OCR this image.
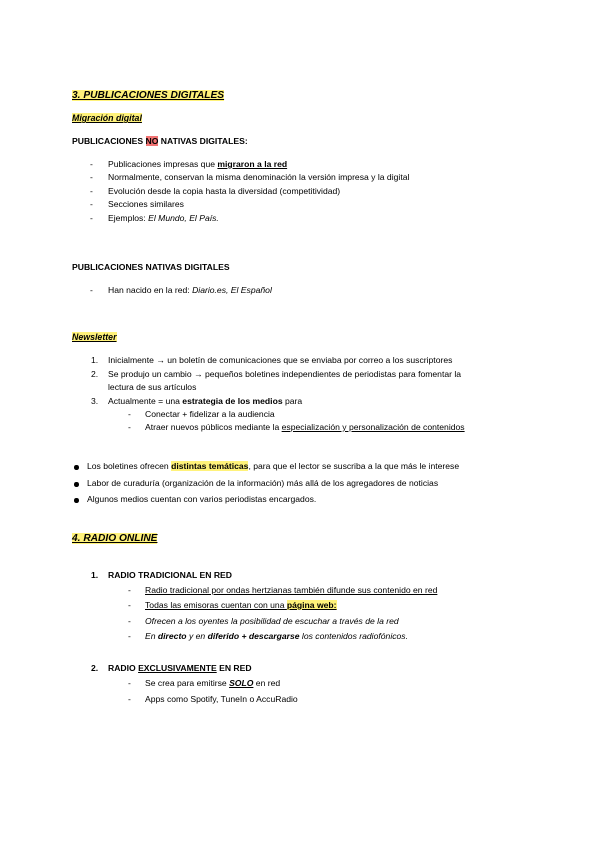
3. PUBLICACIONES DIGITALES
Migración digital
PUBLICACIONES NO NATIVAS DIGITALES:
- Publicaciones impresas que migraron a la red
- Normalmente, conservan la misma denominación la versión impresa y la digital
- Evolución desde la copia hasta la diversidad (competitividad)
- Secciones similares
- Ejemplos: El Mundo, El País.
PUBLICACIONES NATIVAS DIGITALES
- Han nacido en la red: Diario.es, El Español
Newsletter
1. Inicialmente → un boletín de comunicaciones que se enviaba por correo a los suscriptores
2. Se produjo un cambio → pequeños boletines independientes de periodistas para fomentar la
lectura de sus artículos
3. Actualmente = una estrategia de los medios para
- Conectar + fidelizar a la audiencia
- Atraer nuevos públicos mediante la especialización y personalización de contenidos
Los boletines ofrecen distintas temáticas, para que el lector se suscriba a la que más le interese
Labor de curaduría (organización de la información) más allá de los agregadores de noticias
Algunos medios cuentan con varios periodistas encargados.
4. RADIO ONLINE
1. RADIO TRADICIONAL EN RED
- Radio tradicional por ondas hertzianas también difunde sus contenido en red
- Todas las emisoras cuentan con una página web:
- Ofrecen a los oyentes la posibilidad de escuchar a través de la red
- En directo y en diferido + descargarse los contenidos radiofónicos.
2. RADIO EXCLUSIVAMENTE EN RED
- Se crea para emitirse SOLO en red
- Apps como Spotify, TuneIn o AccuRadio
